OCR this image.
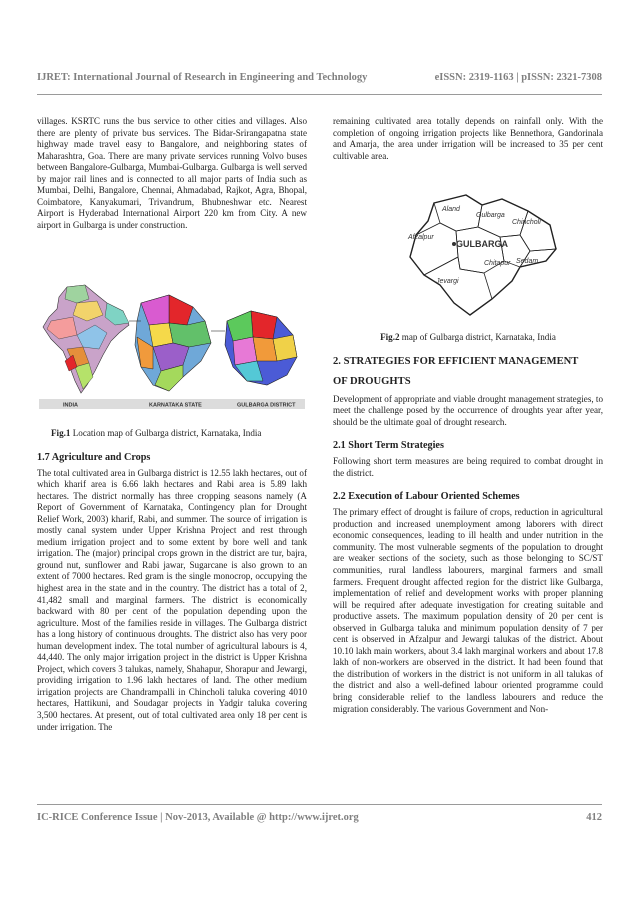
IJRET: International Journal of Research in Engineering and Technology	eISSN: 2319-1163 | pISSN: 2321-7308

villages. KSRTC runs the bus service to other cities and villages. Also there are plenty of private bus services. The Bidar-Srirangapatna state highway made travel easy to Bangalore, and neighboring states of Maharashtra, Goa. There are many private services running Volvo buses between Bangalore-Gulbarga, Mumbai-Gulbarga. Gulbarga is well served by major rail lines and is connected to all major parts of India such as Mumbai, Delhi, Bangalore, Chennai, Ahmadabad, Rajkot, Agra, Bhopal, Coimbatore, Kanyakumari, Trivandrum, Bhubneshwar etc. Nearest Airport is Hyderabad International Airport 220 km from City. A new airport in Gulbarga is under construction.

INDIA	KARNATAKA STATE	GULBARGA DISTRICT
Fig.1 Location map of Gulbarga district, Karnataka, India
1.7 Agriculture and Crops

The total cultivated area in Gulbarga district is 12.55 lakh hectares, out of which kharif area is 6.66 lakh hectares and Rabi area is 5.89 lakh hectares. The district normally has three cropping seasons namely (A Report of Government of Karnataka, Contingency plan for Drought Relief Work, 2003) kharif, Rabi, and summer. The source of irrigation is mostly canal system under Upper Krishna Project and rest through medium irrigation project and to some extent by bore well and tank irrigation. The (major) principal crops grown in the district are tur, bajra, ground nut, sunflower and Rabi jawar, Sugarcane is also grown to an extent of 7000 hectares. Red gram is the single monocrop, occupying the highest area in the state and in the country. The district has a total of 2, 41,482 small and marginal farmers. The district is economically backward with 80 per cent of the population depending upon the agriculture. Most of the families reside in villages. The Gulbarga district has a long history of continuous droughts. The district also has very poor human development index. The total number of agricultural labours is 4, 44,440. The only major irrigation project in the district is Upper Krishna Project, which covers 3 talukas, namely, Shahapur, Shorapur and Jewargi, providing irrigation to 1.96 lakh hectares of land. The other medium irrigation projects are Chandrampalli in Chincholi taluka covering 4010 hectares, Hattikuni, and Soudagar projects in Yadgir taluka covering 3,500 hectares. At present, out of total cultivated area only 18 per cent is under irrigation. The

remaining cultivated area totally depends on rainfall only. With the completion of ongoing irrigation projects like Bennethora, Gandorinala and Amarja, the area under irrigation will be increased to 35 per cent cultivable area.

Aland
Gulbarga
Chincholi
Afzalpur
GULBARGA
Chitapur Sedam
Jevargi
Fig.2 map of Gulbarga district, Karnataka, India
2. STRATEGIES FOR EFFICIENT MANAGEMENT
OF DROUGHTS

Development of appropriate and viable drought management strategies, to meet the challenge posed by the occurrence of droughts year after year, should be the ultimate goal of drought research.

2.1 Short Term Strategies

Following short term measures are being required to combat drought in the district.

2.2 Execution of Labour Oriented Schemes

The primary effect of drought is failure of crops, reduction in agricultural production and increased unemployment among laborers with direct economic consequences, leading to ill health and under nutrition in the community. The most vulnerable segments of the population to drought are weaker sections of the society, such as those belonging to SC/ST communities, rural landless labourers, marginal farmers and small farmers. Frequent drought affected region for the district like Gulbarga, implementation of relief and development works with proper planning will be required after adequate investigation for creating suitable and productive assets. The maximum population density of 20 per cent is observed in Gulbarga taluka and minimum population density of 7 per cent is observed in Afzalpur and Jewargi talukas of the district. About 10.10 lakh main workers, about 3.4 lakh marginal workers and about 17.8 lakh of non-workers are observed in the district. It had been found that the distribution of workers in the district is not uniform in all talukas of the district and also a well-defined labour oriented programme could bring considerable relief to the landless labourers and reduce the migration considerably. The various Government and Non-

IC-RICE Conference Issue | Nov-2013, Available @ http://www.ijret.org	412
